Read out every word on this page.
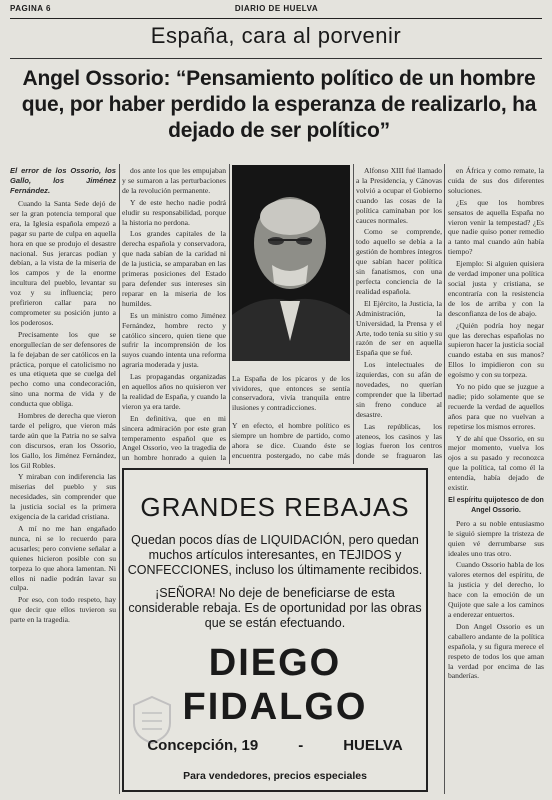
PAGINA 6	DIARIO DE HUELVA
España, cara al porvenir
Angel Ossorio: “Pensamiento político de un hombre que, por haber perdido la esperanza de realizarlo, ha dejado de ser político”
El error de los Ossorio, los Gallo, los Jiménez Fernández.

Cuando la Santa Sede dejó de ser la gran potencia temporal que era, la Iglesia española empezó a pagar su parte de culpa en aquella hora en que se produjo el desastre nacional. Sus jerarcas podían y debían, a la vista de la miseria de los campos y de la enorme incultura del pueblo, levantar su voz y su influencia; pero prefirieron callar para no comprometer su posición junto a los poderosos.

Precisamente los que se enorgullecían de ser defensores de la fe dejaban de ser católicos en la práctica, porque el catolicismo no es una etiqueta que se cuelga del pecho como una condecoración, sino una norma de vida y de conducta que obliga.

Hombres de derecha que vieron tarde el peligro, que vieron más tarde aún que la Patria no se salva con discursos, eran los Ossorio, los Gallo, los Jiménez Fernández, los Gil Robles.

Y miraban con indiferencia las miserias del pueblo y sus necesidades, sin comprender que la justicia social es la primera exigencia de la caridad cristiana.

A mí no me han engañado nunca, ni se lo recuerdo para acusarles; pero conviene señalar a quienes hicieron posible con su torpeza lo que ahora lamentan. Ni ellos ni nadie podrán lavar su culpa.

Por eso, con todo respeto, hay que decir que ellos tuvieron su parte en la tragedia.

dos ante los que les empujaban y se sumaron a las perturbaciones de la revolución permanente.

Y de este hecho nadie podrá eludir su responsabilidad, porque la historia no perdona.

Los grandes capitales de la derecha española y conservadora, que nada sabían de la caridad ni de la justicia, se amparaban en las primeras posiciones del Estado para defender sus intereses sin reparar en la miseria de los humildes.

Es un ministro como Jiménez Fernández, hombre recto y católico sincero, quien tiene que sufrir la incomprensión de los suyos cuando intenta una reforma agraria moderada y justa.

Las propagandas organizadas en aquellos años no quisieron ver la realidad de España, y cuando la vieron ya era tarde.

En definitiva, que en mi sincera admiración por este gran temperamento español que es Angel Ossorio, veo la tragedia de un hombre honrado a quien la

La España de los pícaros y de los vividores, que entonces se sentía conservadora, vivía tranquila entre ilusiones y contradicciones.

Y en efecto, el hombre político es siempre un hombre de partido, como ahora se dice. Cuando éste se encuentra postergado, no cabe más

Alfonso XIII fué llamado a la Presidencia, y Cánovas volvió a ocupar el Gobierno cuando las cosas de la política caminaban por los cauces normales.

Como se comprende, todo aquello se debía a la gestión de hombres íntegros que sabían hacer política sin fanatismos, con una perfecta conciencia de la realidad española.

El Ejército, la Justicia, la Administración, la Universidad, la Prensa y el Arte, todo tenía su sitio y su razón de ser en aquella España que se fué.

Los intelectuales de izquierdas, con su afán de novedades, no querían comprender que la libertad sin freno conduce al desastre.

Las repúblicas, los ateneos, los casinos y las logias fueron los centros donde se fraguaron las

en África y como remate, la cuida de sus dos diferentes soluciones.

¿Es que los hombres sensatos de aquella España no vieron venir la tempestad? ¿Es que nadie quiso poner remedio a tanto mal cuando aún había tiempo?

Ejemplo: Si alguien quisiera de verdad imponer una política social justa y cristiana, se encontraría con la resistencia de los de arriba y con la desconfianza de los de abajo.

¿Quién podría hoy negar que las derechas españolas no supieron hacer la justicia social cuando estaba en sus manos? Ellos lo impidieron con su egoísmo y con su torpeza.

Yo no pido que se juzgue a nadie; pido solamente que se recuerde la verdad de aquellos años para que no vuelvan a repetirse los mismos errores.

Y de ahí que Ossorio, en su mejor momento, vuelva los ojos a su pasado y reconozca que la política, tal como él la entendía, había dejado de existir.

El espíritu quijotesco de don Angel Ossorio.

Pero a su noble entusiasmo le siguió siempre la tristeza de quien vé derrumbarse sus ideales uno tras otro.

Cuando Ossorio habla de los valores eternos del espíritu, de la justicia y del derecho, lo hace con la emoción de un Quijote que sale a los caminos a enderezar entuertos.

Don Angel Ossorio es un caballero andante de la política española, y su figura merece el respeto de todos los que aman la verdad por encima de las banderías.

GRANDES REBAJAS
Quedan pocos días de LIQUIDACIÓN, pero quedan muchos artículos interesantes, en TEJIDOS y CONFECCIONES, incluso los últimamente recibidos.
¡SEÑORA! No deje de beneficiarse de esta considerable rebaja. Es de oportunidad por las obras que se están efectuando.
DIEGO FIDALGO
Concepción, 19	-	HUELVA
Para vendedores, precios especiales
